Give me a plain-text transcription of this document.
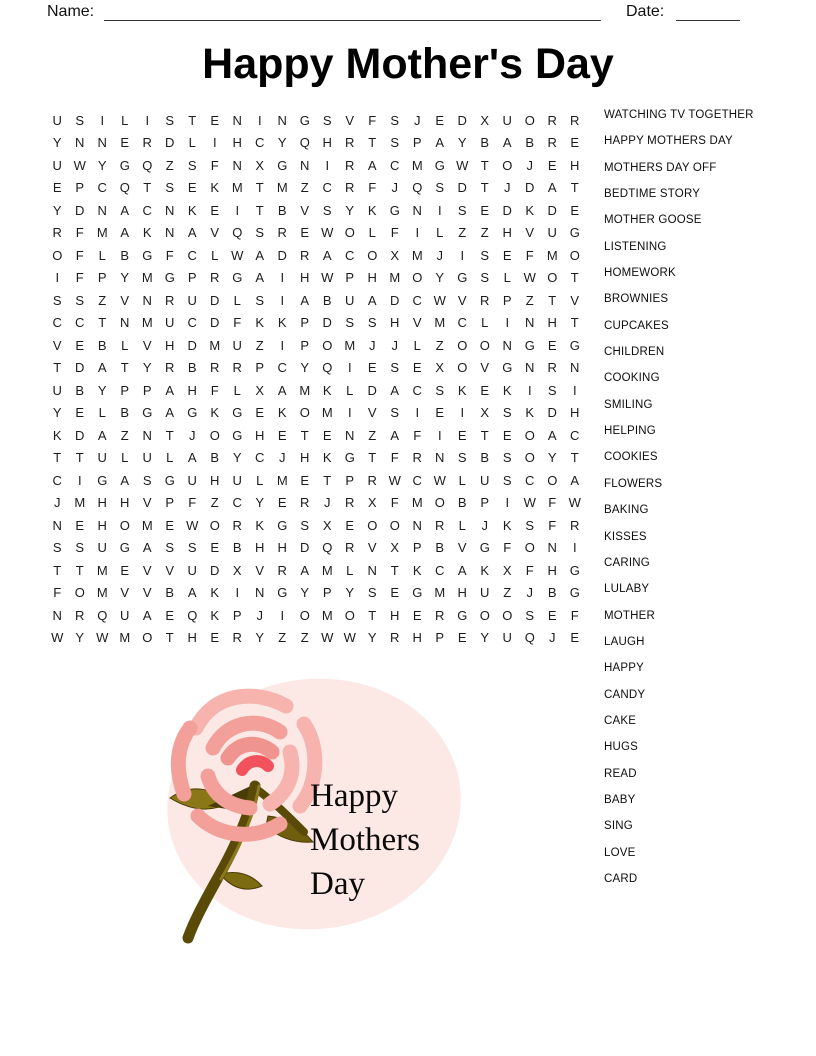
Name:	Date:
Happy Mother's Day
U	S	I	L	I	S	T	E	N	I	N G	S	V	F	S	J	E	D	X	U O R	R
Y	N	N	E	R	D	L	I	H	C	Y	Q H	R	T	S	P	A	Y	B	A	B	R	E
U W Y	G Q	Z	S	F	N	X	G N	I	R	A	C M G W T	O	J	E	H
E	P	C Q	T	S	E	K M	T	M	Z	C	R	F	J	Q	S	D	T	J	D	A	T
Y	D	N	A	C	N	K	E	I	T	B	V	S	Y	K	G N	I	S	E	D	K	D	E
R	F	M A	K	N	A	V	Q	S	R	E W O	L	F	I	L	Z	Z	H	V	U G
O	F	L	B	G	F	C	L W A	D	R	A	C O	X M	J	I	S	E	F	M O
I	F	P	Y M G	P	R G	A	I	H W P	H M O	Y	G	S	L W O	T
S	S	Z	V	N	R	U	D	L	S	I	A	B	U	A	D	C W V	R	P	Z	T	V
C	C	T	N M U	C	D	F	K	K	P	D	S	S	H	V M C	L	I	N	H	T
V	E	B	L	V	H	D M U	Z	I	P	O M	J	J	L	Z	O O N G	E	G
T	D	A	T	Y	R	B	R	R	P	C	Y	Q	I	E	S	E	X	O	V	G N	R	N
U	B	Y	P	P	A	H	F	L	X	A M K	L	D	A	C	S	K	E	K	I	S	I
Y	E	L	B	G	A	G	K	G	E	K	O M	I	V	S	I	E	I	X	S	K	D	H
K	D	A	Z	N	T	J	O G H	E	T	E	N	Z	A	F	I	E	T	E	O	A	C
T	T	U	L	U	L	A	B	Y	C	J	H	K	G	T	F	R	N	S	B	S	O	Y	T
C	I	G	A	S	G U	H	U	L	M E	T	P	R W C W L	U	S	C O	A
J	M H	H	V	P	F	Z	C	Y	E	R	J	R	X	F	M O	B	P	I	W F W
N	E	H O M E W O R	K	G	S	X	E	O O N	R	L	J	K	S	F	R
S	S	U G	A	S	S	E	B	H	H	D Q R	V	X	P	B	V	G	F	O N	I
T	T	M E	V	V	U	D	X	V	R	A M	L	N	T	K	C	A	K	X	F	H G
F	O M V	V	B	A	K	I	N G	Y	P	Y	S	E	G M H	U	Z	J	B	G
N	R Q U	A	E	Q	K	P	J	I	O M O	T	H	E	R G O O	S	E	F
W Y W M O	T	H	E	R	Y	Z	Z W W Y	R	H	P	E	Y	U Q	J	E
WATCHING TV TOGETHER
HAPPY MOTHERS DAY
MOTHERS DAY OFF
BEDTIME STORY
MOTHER GOOSE
LISTENING
HOMEWORK
BROWNIES
CUPCAKES
CHILDREN
COOKING
SMILING
HELPING
COOKIES
FLOWERS
BAKING
KISSES
CARING
LULABY
MOTHER
LAUGH
HAPPY
CANDY
CAKE
HUGS
READ
BABY
SING
LOVE
CARD
Happy
Mothers
Day
